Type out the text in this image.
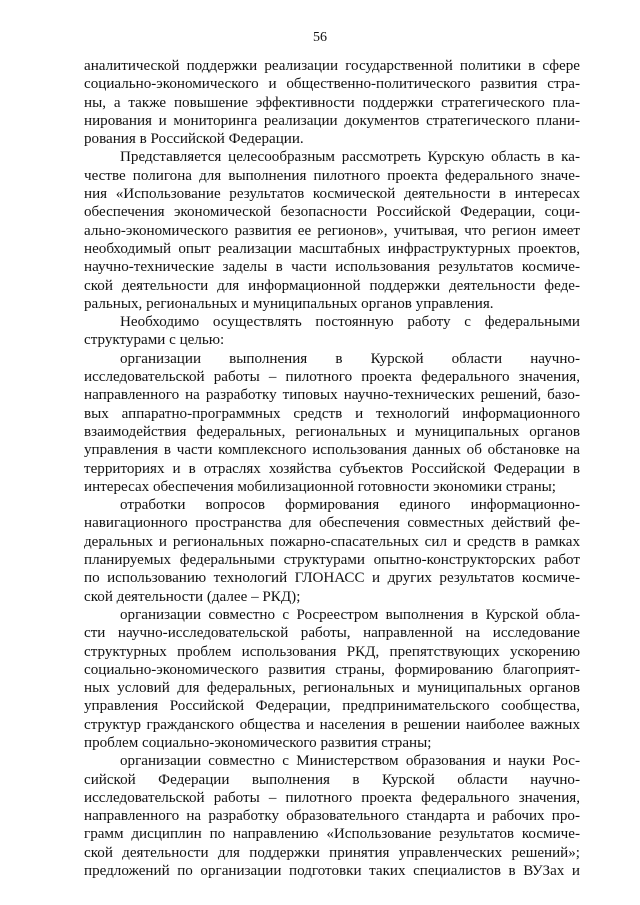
56
аналитической поддержки реализации государственной политики в сфере
социально-экономического и общественно-политического развития стра-
ны, а также повышение эффективности поддержки стратегического пла-
нирования и мониторинга реализации документов стратегического плани-
рования в Российской Федерации.
Представляется целесообразным рассмотреть Курскую область в ка-
честве полигона для выполнения пилотного проекта федерального значе-
ния «Использование результатов космической деятельности в интересах
обеспечения экономической безопасности Российской Федерации, соци-
ально-экономического развития ее регионов», учитывая, что регион имеет
необходимый опыт реализации масштабных инфраструктурных проектов,
научно-технические заделы в части использования результатов космиче-
ской деятельности для информационной поддержки деятельности феде-
ральных, региональных и муниципальных органов управления.
Необходимо осуществлять постоянную работу с федеральными
структурами с целью:
организации выполнения в Курской области научно-
исследовательской работы – пилотного проекта федерального значения,
направленного на разработку типовых научно-технических решений, базо-
вых аппаратно-программных средств и технологий информационного
взаимодействия федеральных, региональных и муниципальных органов
управления в части комплексного использования данных об обстановке на
территориях и в отраслях хозяйства субъектов Российской Федерации в
интересах обеспечения мобилизационной готовности экономики страны;
отработки вопросов формирования единого информационно-
навигационного пространства для обеспечения совместных действий фе-
деральных и региональных пожарно-спасательных сил и средств в рамках
планируемых федеральными структурами опытно-конструкторских работ
по использованию технологий ГЛОНАСС и других результатов космиче-
ской деятельности (далее – РКД);
организации совместно с Росреестром выполнения в Курской обла-
сти научно-исследовательской работы, направленной на исследование
структурных проблем использования РКД, препятствующих ускорению
социально-экономического развития страны, формированию благоприят-
ных условий для федеральных, региональных и муниципальных органов
управления Российской Федерации, предпринимательского сообщества,
структур гражданского общества и населения в решении наиболее важных
проблем социально-экономического развития страны;
организации совместно с Министерством образования и науки Рос-
сийской Федерации выполнения в Курской области научно-
исследовательской работы – пилотного проекта федерального значения,
направленного на разработку образовательного стандарта и рабочих про-
грамм дисциплин по направлению «Использование результатов космиче-
ской деятельности для поддержки принятия управленческих решений»;
предложений по организации подготовки таких специалистов в ВУЗах и
